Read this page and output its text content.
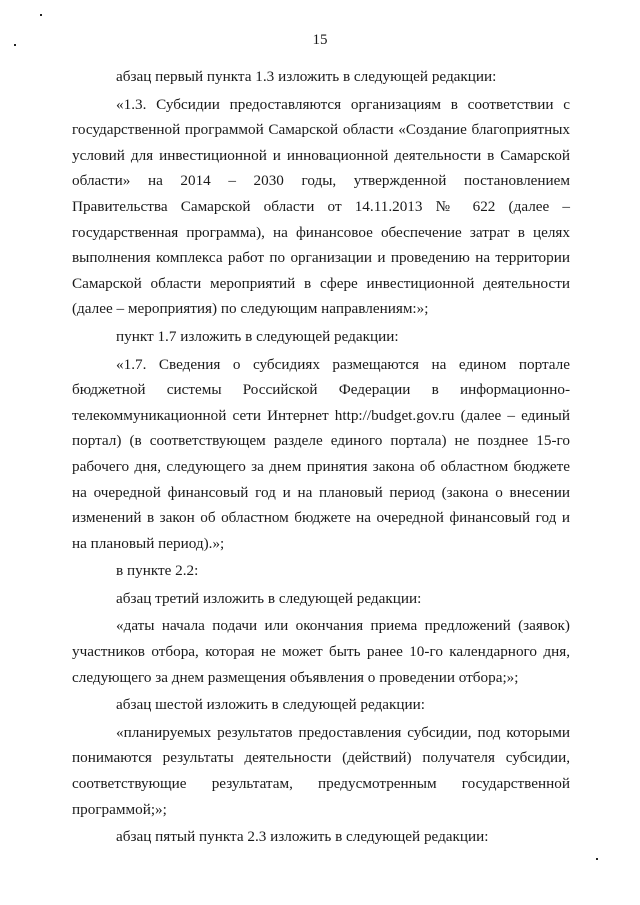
15

абзац первый пункта 1.3 изложить в следующей редакции:

«1.3. Субсидии предоставляются организациям в соответствии с государственной программой Самарской области «Создание благоприятных условий для инвестиционной и инновационной деятельности в Самарской области» на 2014 – 2030 годы, утвержденной постановлением Правительства Самарской области от 14.11.2013 № 622 (далее – государственная программа), на финансовое обеспечение затрат в целях выполнения комплекса работ по организации и проведению на территории Самарской области мероприятий в сфере инвестиционной деятельности (далее – мероприятия) по следующим направлениям:»;

пункт 1.7 изложить в следующей редакции:

«1.7. Сведения о субсидиях размещаются на едином портале бюджетной системы Российской Федерации в информационно-телекоммуникационной сети Интернет http://budget.gov.ru (далее – единый портал) (в соответствующем разделе единого портала) не позднее 15-го рабочего дня, следующего за днем принятия закона об областном бюджете на очередной финансовый год и на плановый период (закона о внесении изменений в закон об областном бюджете на очередной финансовый год и на плановый период).»;

в пункте 2.2:

абзац третий изложить в следующей редакции:

«даты начала подачи или окончания приема предложений (заявок) участников отбора, которая не может быть ранее 10-го календарного дня, следующего за днем размещения объявления о проведении отбора;»;

абзац шестой изложить в следующей редакции:

«планируемых результатов предоставления субсидии, под которыми понимаются результаты деятельности (действий) получателя субсидии, соответствующие результатам, предусмотренным государственной программой;»;

абзац пятый пункта 2.3 изложить в следующей редакции:
